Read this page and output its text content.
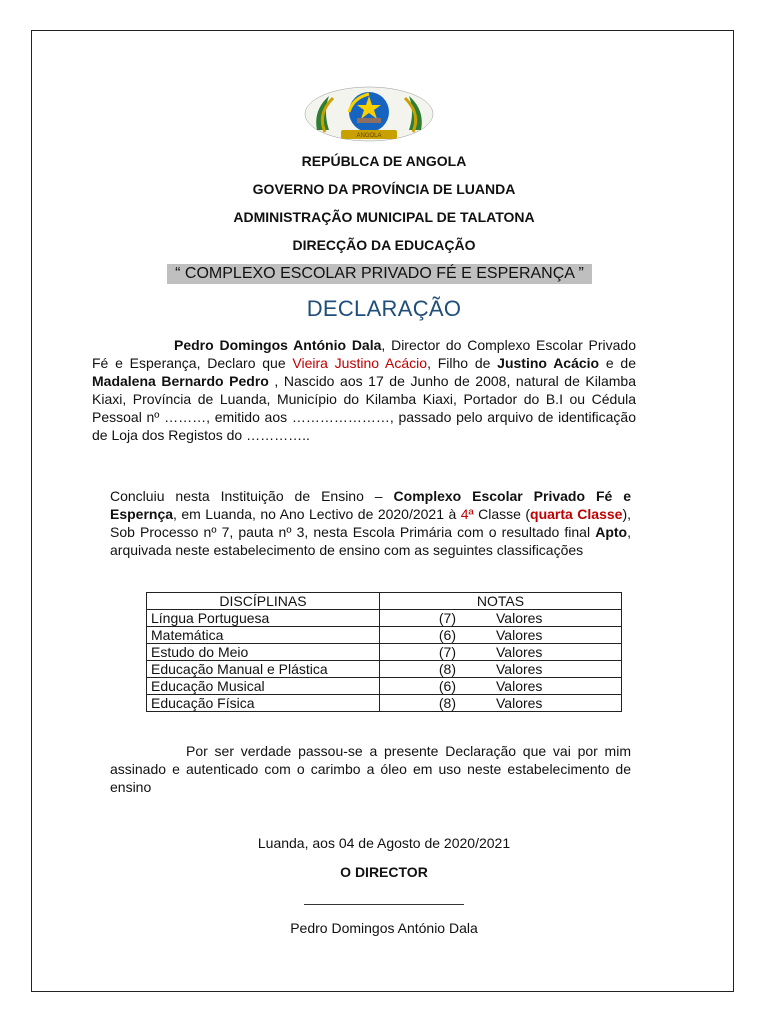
ANGOLA
REPÚBLCA DE ANGOLA
GOVERNO DA PROVÍNCIA DE LUANDA
ADMINISTRAÇÃO MUNICIPAL DE TALATONA
DIRECÇÃO DA EDUCAÇÃO
“ COMPLEXO ESCOLAR PRIVADO FÉ E ESPERANÇA ”
DECLARAÇÃO
Pedro Domingos António Dala, Director do Complexo Escolar Privado Fé e Esperança, Declaro que Vieira Justino Acácio, Filho de Justino Acácio e de Madalena Bernardo Pedro , Nascido aos 17 de Junho de 2008, natural de Kilamba Kiaxi, Província de Luanda, Município do Kilamba Kiaxi, Portador do B.I ou Cédula Pessoal nº ………, emitido aos …………………, passado pelo arquivo de identificação de Loja dos Registos do …………..
Concluiu nesta Instituição de Ensino – Complexo Escolar Privado Fé e Espernça, em Luanda, no Ano Lectivo de 2020/2021 à 4ª Classe (quarta Classe), Sob Processo nº 7, pauta nº 3, nesta Escola Primária com o resultado final Apto, arquivada neste estabelecimento de ensino com as seguintes classificações
DISCÍPLINAS	NOTAS
Língua Portuguesa	(7) Valores
Matemática	(6) Valores
Estudo do Meio	(7) Valores
Educação Manual e Plástica	(8) Valores
Educação Musical	(6) Valores
Educação Física	(8) Valores
Por ser verdade passou-se a presente Declaração que vai por mim assinado e autenticado com o carimbo a óleo em uso neste estabelecimento de ensino
Luanda, aos 04 de Agosto de 2020/2021
O DIRECTOR
Pedro Domingos António Dala
